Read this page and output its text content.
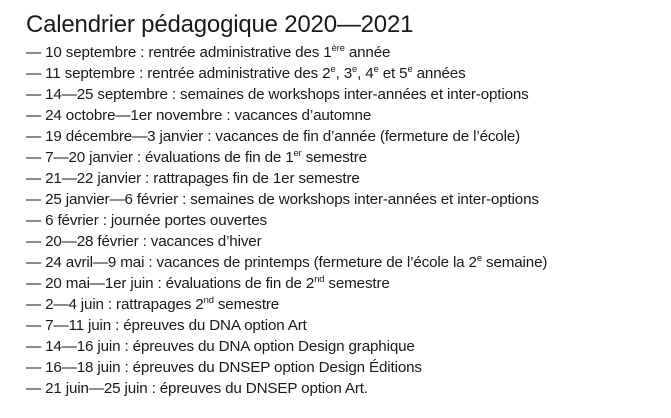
Calendrier pédagogique 2020—2021
— 10 septembre : rentrée administrative des 1ère année
— 11 septembre : rentrée administrative des 2e, 3e, 4e et 5e années
— 14—25 septembre : semaines de workshops inter-années et inter-options
— 24 octobre—1er novembre : vacances d’automne
— 19 décembre—3 janvier : vacances de fin d’année (fermeture de l’école)
— 7—20 janvier : évaluations de fin de 1er semestre
— 21—22 janvier : rattrapages fin de 1er semestre
— 25 janvier—6 février : semaines de workshops inter-années et inter-options
— 6 février : journée portes ouvertes
— 20—28 février : vacances d’hiver
— 24 avril—9 mai : vacances de printemps (fermeture de l’école la 2e semaine)
— 20 mai—1er juin : évaluations de fin de 2nd semestre
— 2—4 juin : rattrapages 2nd semestre
— 7—11 juin : épreuves du DNA option Art
— 14—16 juin : épreuves du DNA option Design graphique
— 16—18 juin : épreuves du DNSEP option Design Éditions
— 21 juin—25 juin : épreuves du DNSEP option Art.
